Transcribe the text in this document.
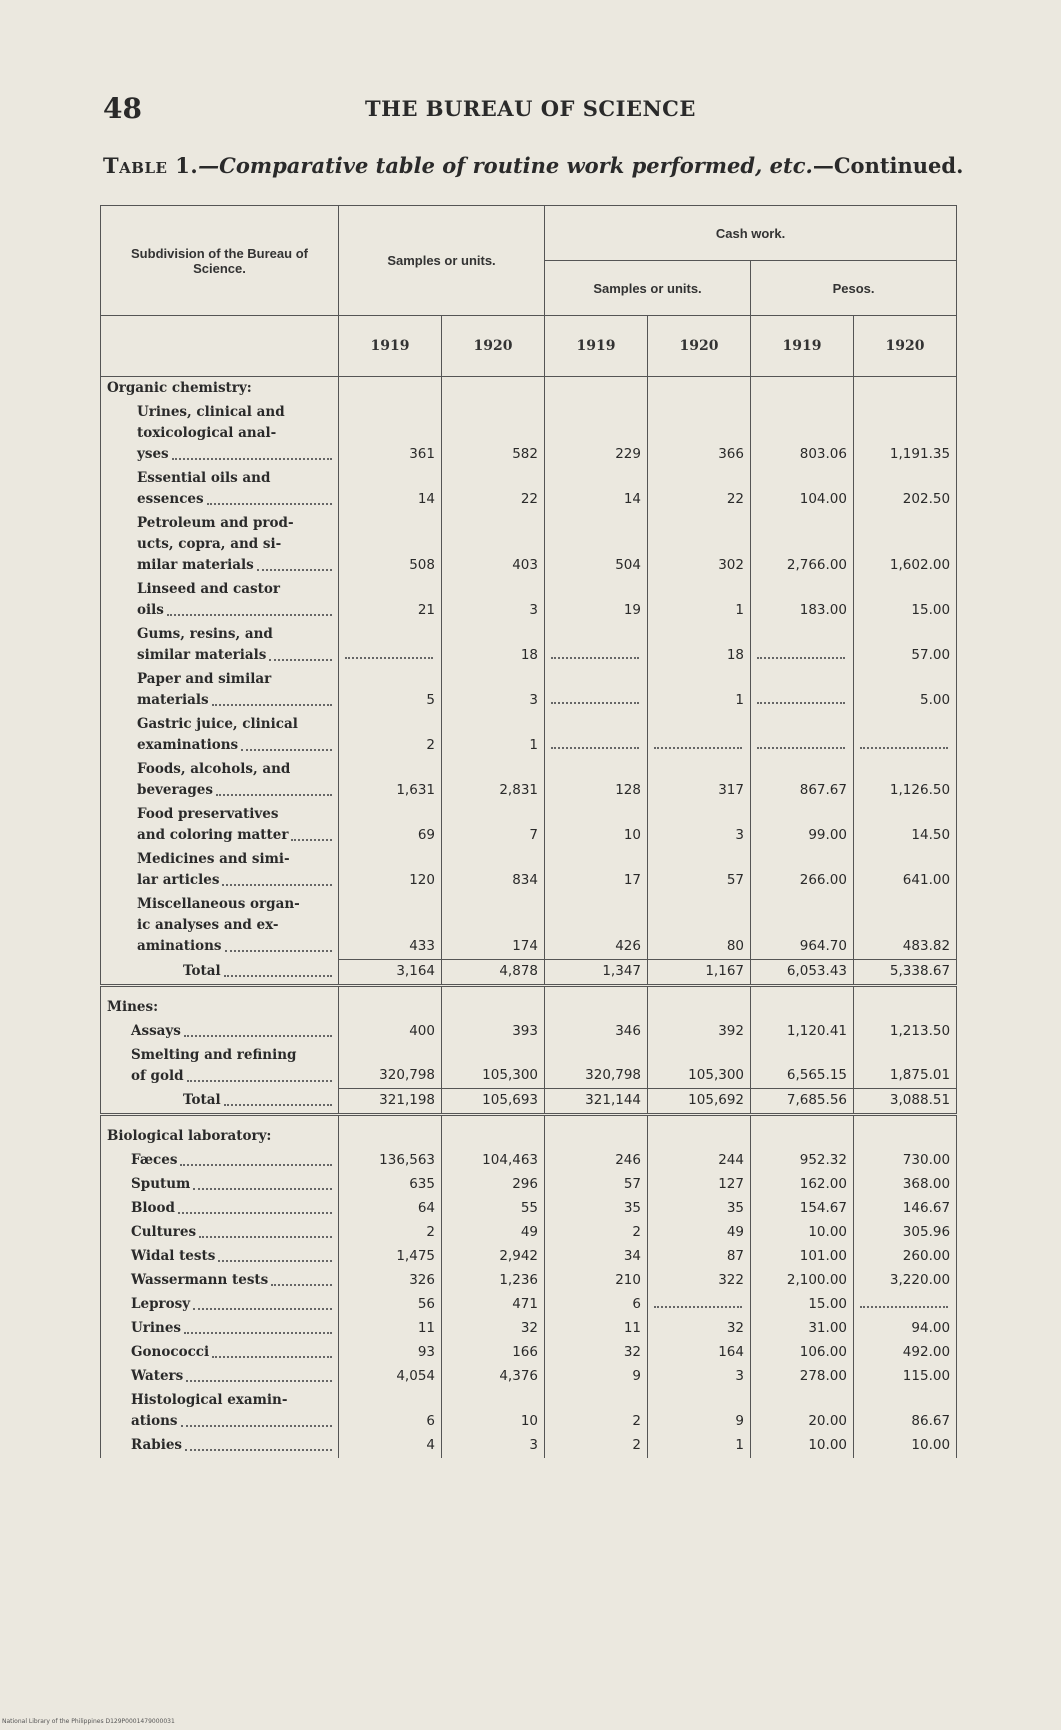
48	THE BUREAU OF SCIENCE
Table 1.—Comparative table of routine work performed, etc.—Continued.
Subdivision of the Bureau of Science.	Samples or units.		Cash work.			
			Samples or units.		Pesos.	
	1919	1920	1919	1920	1919	1920
Organic chemistry:						

Urines, clinical and
toxicological anal-
yses	361	582	229	366	803.06	1,191.35

Essential oils and
essences	14	22	14	22	104.00	202.50

Petroleum and prod-
ucts, copra, and si-
milar materials	508	403	504	302	2,766.00	1,602.00

Linseed and castor
oils	21	3	19	1	183.00	15.00

Gums, resins, and
similar materials		18		18		57.00

Paper and similar
materials	5	3		1		5.00

Gastric juice, clinical
examinations	2	1	

Foods, alcohols, and
beverages	1,631	2,831	128	317	867.67	1,126.50

Food preservatives
and coloring matter	69	7	10	3	99.00	14.50

Medicines and simi-
lar articles	120	834	17	57	266.00	641.00

Miscellaneous organ-
ic analyses and ex-
aminations	433	174	426	80	964.70	483.82

Total	3,164	4,878	1,347	1,167	6,053.43	5,338.67
Mines:						

Assays	400	393	346	392	1,120.41	1,213.50

Smelting and refining
of gold	320,798	105,300	320,798	105,300	6,565.15	1,875.01

Total	321,198	105,693	321,144	105,692	7,685.56	3,088.51
Biological laboratory:						

Fæces	136,563	104,463	246	244	952.32	730.00

Sputum	635	296	57	127	162.00	368.00

Blood	64	55	35	35	154.67	146.67

Cultures	2	49	2	49	10.00	305.96

Widal tests	1,475	2,942	34	87	101.00	260.00

Wassermann tests	326	1,236	210	322	2,100.00	3,220.00

Leprosy	56	471	6		15.00	

Urines	11	32	11	32	31.00	94.00

Gonococci	93	166	32	164	106.00	492.00

Waters	4,054	4,376	9	3	278.00	115.00

Histological examin-
ations	6	10	2	9	20.00	86.67

Rabies	4	3	2	1	10.00	10.00
National Library of the Philippines D129P0001479000031
